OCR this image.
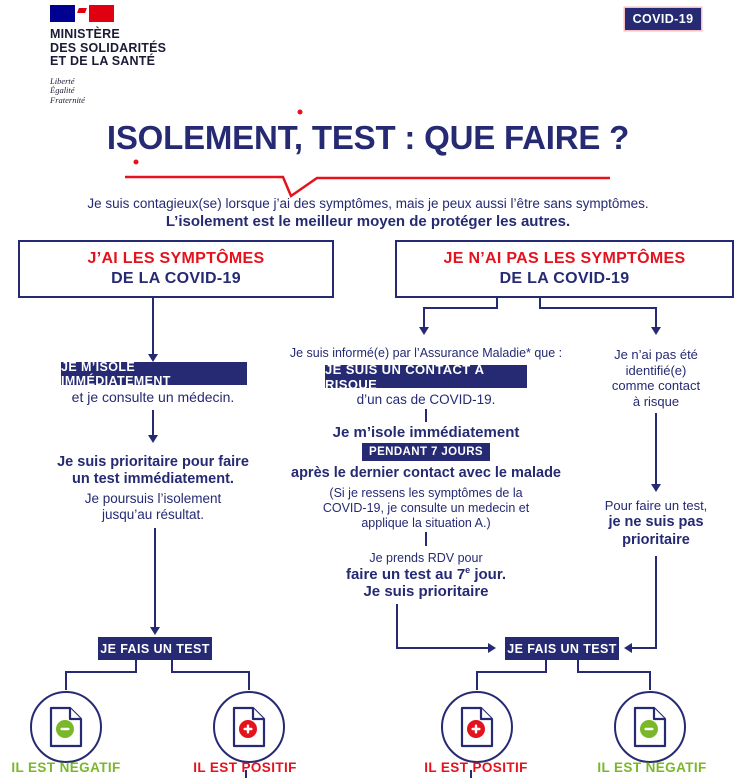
MINISTÈRE
DES SOLIDARITÉS
ET DE LA SANTÉ
Liberté
Égalité
Fraternité
COVID-19
ISOLEMENT, TEST : QUE FAIRE ?
Je suis contagieux(se) lorsque j’ai des symptômes, mais je peux aussi l’être sans symptômes.
L’isolement est le meilleur moyen de protéger les autres.
J’AI LES SYMPTÔMES
DE LA COVID-19
JE N’AI PAS LES SYMPTÔMES
DE LA COVID-19
JE M’ISOLE IMMÉDIATEMENT
et je consulte un médecin.
Je suis prioritaire pour faire
un test immédiatement.
Je poursuis l’isolement
jusqu’au résultat.
JE FAIS UN TEST
Je suis informé(e) par l’Assurance Maladie* que :
JE SUIS UN CONTACT À RISQUE
d’un cas de COVID-19.
Je m’isole immédiatement
PENDANT 7 JOURS
après le dernier contact avec le malade
(Si je ressens les symptômes de la
COVID-19, je consulte un medecin et
applique la situation A.)
Je prends RDV pour
faire un test au 7e jour.
Je suis prioritaire
JE FAIS UN TEST
Je n’ai pas été
identifié(e)
comme contact
à risque
Pour faire un test,
je ne suis pas
prioritaire
IL EST NEGATIF	IL EST POSITIF	IL EST POSITIF	IL EST NEGATIF
